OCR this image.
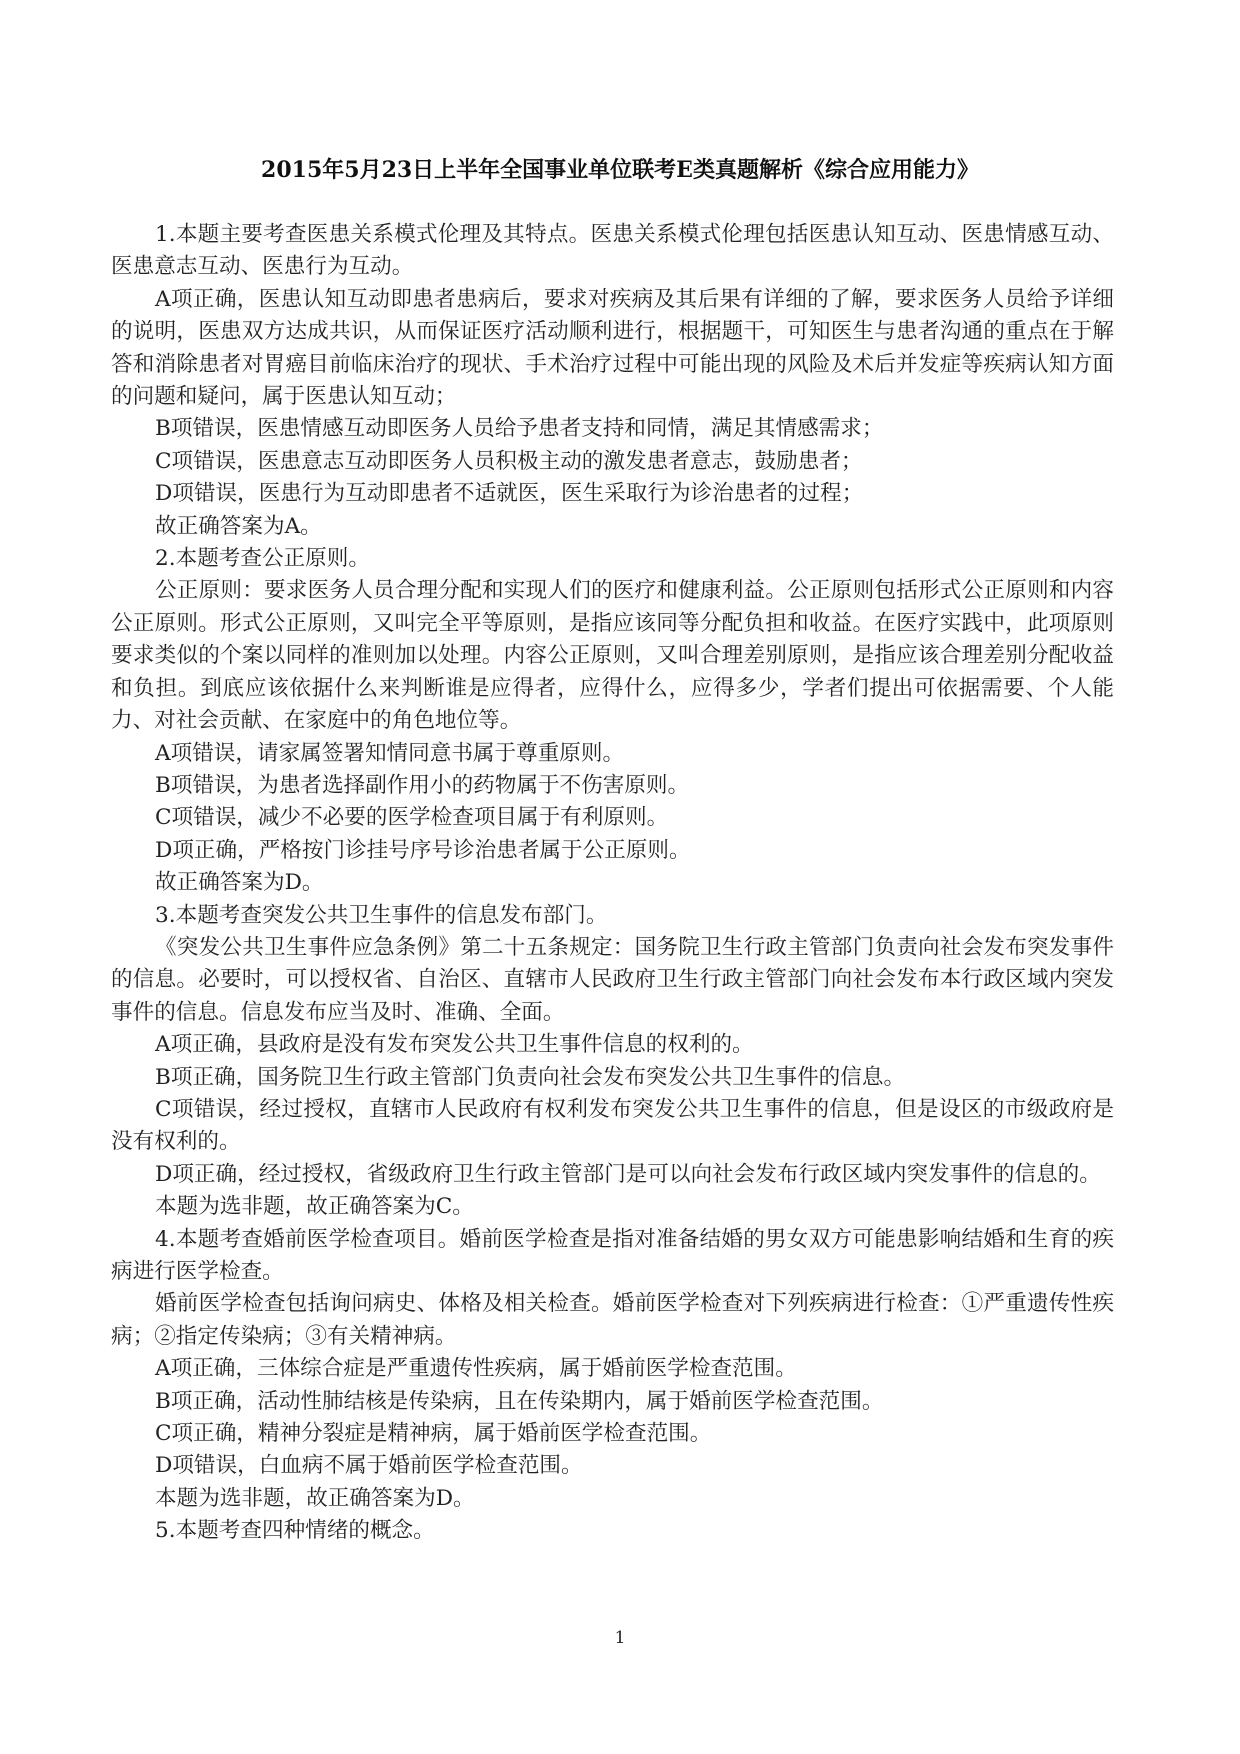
2015年5月23日上半年全国事业单位联考E类真题解析《综合应用能力》

1.本题主要考查医患关系模式伦理及其特点。医患关系模式伦理包括医患认知互动、医患情感互动、医患意志互动、医患行为互动。

A项正确，医患认知互动即患者患病后，要求对疾病及其后果有详细的了解，要求医务人员给予详细的说明，医患双方达成共识，从而保证医疗活动顺利进行，根据题干，可知医生与患者沟通的重点在于解答和消除患者对胃癌目前临床治疗的现状、手术治疗过程中可能出现的风险及术后并发症等疾病认知方面的问题和疑问，属于医患认知互动；

B项错误，医患情感互动即医务人员给予患者支持和同情，满足其情感需求；

C项错误，医患意志互动即医务人员积极主动的激发患者意志，鼓励患者；

D项错误，医患行为互动即患者不适就医，医生采取行为诊治患者的过程；

故正确答案为A。

2.本题考查公正原则。

公正原则：要求医务人员合理分配和实现人们的医疗和健康利益。公正原则包括形式公正原则和内容公正原则。形式公正原则，又叫完全平等原则，是指应该同等分配负担和收益。在医疗实践中，此项原则要求类似的个案以同样的准则加以处理。内容公正原则，又叫合理差别原则，是指应该合理差别分配收益和负担。到底应该依据什么来判断谁是应得者，应得什么，应得多少，学者们提出可依据需要、个人能力、对社会贡献、在家庭中的角色地位等。

A项错误，请家属签署知情同意书属于尊重原则。

B项错误，为患者选择副作用小的药物属于不伤害原则。

C项错误，减少不必要的医学检查项目属于有利原则。

D项正确，严格按门诊挂号序号诊治患者属于公正原则。

故正确答案为D。

3.本题考查突发公共卫生事件的信息发布部门。

《突发公共卫生事件应急条例》第二十五条规定：国务院卫生行政主管部门负责向社会发布突发事件的信息。必要时，可以授权省、自治区、直辖市人民政府卫生行政主管部门向社会发布本行政区域内突发事件的信息。信息发布应当及时、准确、全面。

A项正确，县政府是没有发布突发公共卫生事件信息的权利的。

B项正确，国务院卫生行政主管部门负责向社会发布突发公共卫生事件的信息。

C项错误，经过授权，直辖市人民政府有权利发布突发公共卫生事件的信息，但是设区的市级政府是没有权利的。

D项正确，经过授权，省级政府卫生行政主管部门是可以向社会发布行政区域内突发事件的信息的。

本题为选非题，故正确答案为C。

4.本题考查婚前医学检查项目。婚前医学检查是指对准备结婚的男女双方可能患影响结婚和生育的疾病进行医学检查。

婚前医学检查包括询问病史、体格及相关检查。婚前医学检查对下列疾病进行检查：①严重遗传性疾病；②指定传染病；③有关精神病。

A项正确，三体综合症是严重遗传性疾病，属于婚前医学检查范围。

B项正确，活动性肺结核是传染病，且在传染期内，属于婚前医学检查范围。

C项正确，精神分裂症是精神病，属于婚前医学检查范围。

D项错误，白血病不属于婚前医学检查范围。

本题为选非题，故正确答案为D。

5.本题考查四种情绪的概念。

1
